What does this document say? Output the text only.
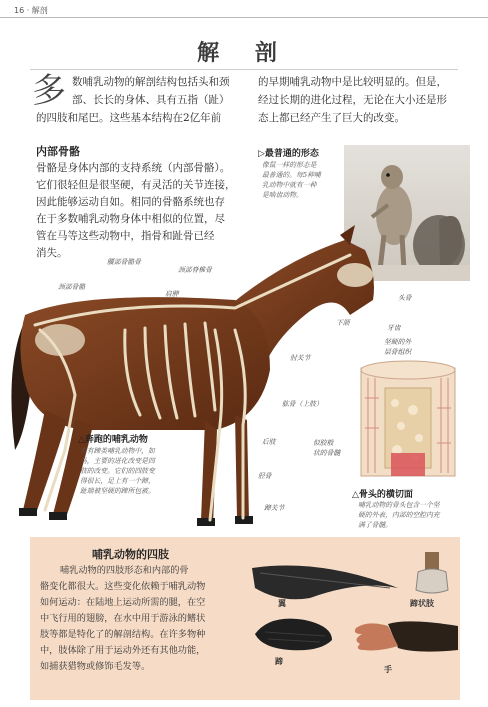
16 · 解剖
解 剖
多 数哺乳动物的解剖结构包括头和颈
部、长长的身体、具有五指（趾）
的四肢和尾巴。这些基本结构在2亿年前
的早期哺乳动物中是比较明显的。但是，
经过长期的进化过程，无论在大小还是形
态上都已经产生了巨大的改变。
内部骨骼
骨骼是身体内部的支持系统（内部骨骼）。
它们很轻但是很坚硬，有灵活的关节连接，
因此能够运动自如。相同的骨骼系统也存
在于多数哺乳动物身体中相似的位置，尽
管在马等这些动物中，指骨和趾骨已经
消失。
▷最普通的形态
像鼠一样的形态是
最普通的。每5种哺
乳动物中就有一种
是啮齿动物。
颈部骨骼
腰部骨骼骨
颈部脊椎骨
肩胛	头骨
下颌
牙齿
肘关节
肱骨（上肢）
后肢
胫骨
蹄关节
△奔跑的哺乳动物
在有蹄类哺乳动物中，如
马，主要的进化改变是四
肢的改变。它们的四肢变
得很长，足上有一个蹄，
趾端被坚硬的蹄所包被。
坚硬的外
层骨组织
似胶般
状的骨髓
△骨头的横切面
哺乳动物的骨头包含一个坚
硬的外表，内部的空腔内充
满了骨髓。
哺乳动物的四肢
哺乳动物的四肢形态和内部的骨
骼变化都很大。这些变化依赖于哺乳动物
如何运动：在陆地上运动所需的腿，在空
中飞行用的翅膀，在水中用于游泳的鳍状
肢等都是特化了的解剖结构。在许多物种
中，肢体除了用于运动外还有其他功能，
如捕获猎物或修饰毛发等。
翼	蹄状肢
蹄
手
